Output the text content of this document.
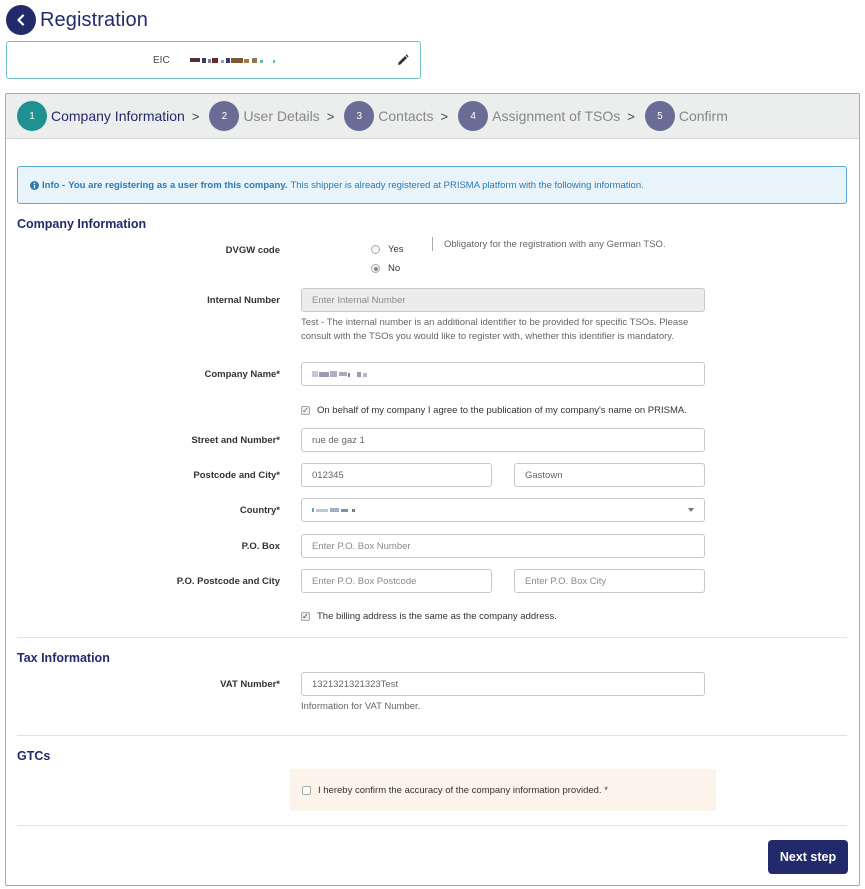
Registration
EIC
1	Company Information >	2	User Details >	3	Contacts >	4	Assignment of TSOs >	5	Confirm
Info - You are registering as a user from this company. This shipper is already registered at PRISMA platform with the following information.
Company Information
DVGW code	Yes
No
Obligatory for the registration with any German TSO.
Internal Number	Enter Internal Number
Test - The internal number is an additional identifier to be provided for specific TSOs. Please consult with the TSOs you would like to register with, whether this identifier is mandatory.
Company Name*
✓ On behalf of my company I agree to the publication of my company's name on PRISMA.
Street and Number*	rue de gaz 1
Postcode and City*	012345	Gastown
Country*
P.O. Box	Enter P.O. Box Number
P.O. Postcode and City	Enter P.O. Box Postcode	Enter P.O. Box City
✓ The billing address is the same as the company address.
Tax Information
VAT Number*	1321321321323Test
Information for VAT Number.
GTCs
I hereby confirm the accuracy of the company information provided. *
Next step
